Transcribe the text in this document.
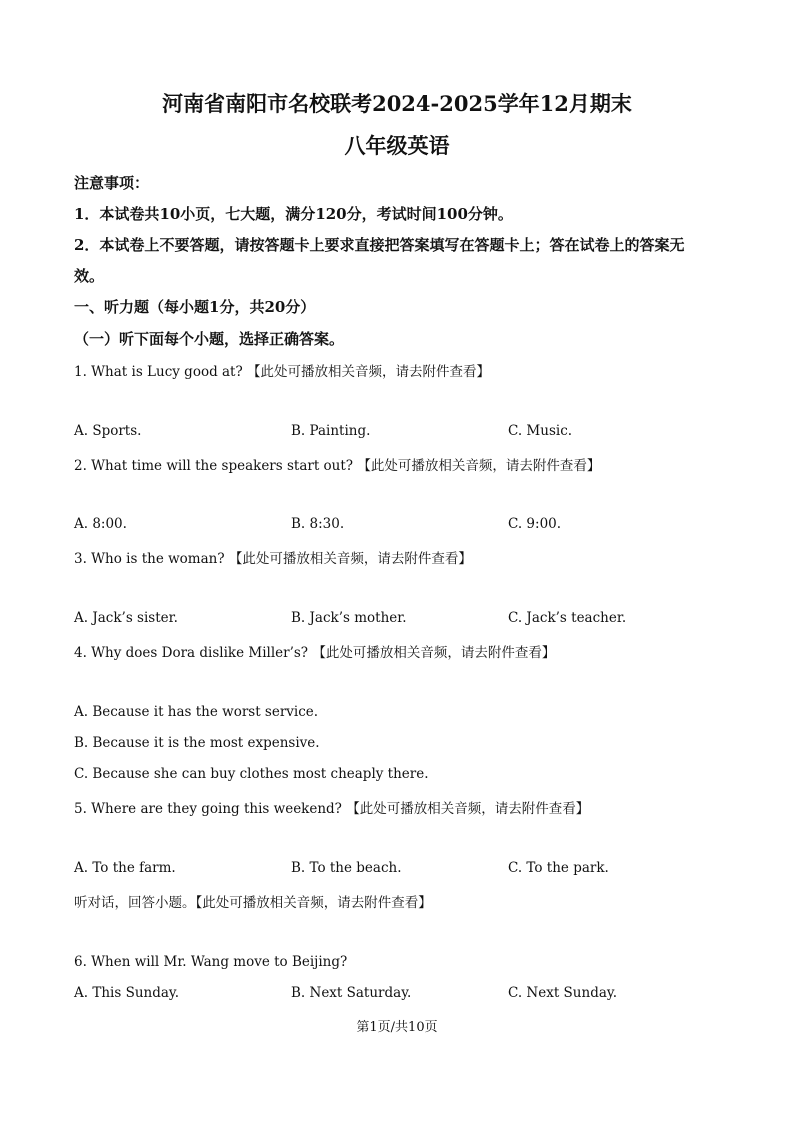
河南省南阳市名校联考2024-2025学年12月期末
八年级英语
注意事项：
1．本试卷共10小页，七大题，满分120分，考试时间100分钟。
2．本试卷上不要答题，请按答题卡上要求直接把答案填写在答题卡上；答在试卷上的答案无
效。
一、听力题（每小题1分，共20分）
（一）听下面每个小题，选择正确答案。
1. What is Lucy good at? 【此处可播放相关音频，请去附件查看】
A. Sports.	B. Painting.	C. Music.
2. What time will the speakers start out? 【此处可播放相关音频，请去附件查看】
A. 8:00.	B. 8:30.	C. 9:00.
3. Who is the woman? 【此处可播放相关音频，请去附件查看】
A. Jack’s sister.	B. Jack’s mother.	C. Jack’s teacher.
4. Why does Dora dislike Miller’s? 【此处可播放相关音频，请去附件查看】
A. Because it has the worst service.
B. Because it is the most expensive.
C. Because she can buy clothes most cheaply there.
5. Where are they going this weekend? 【此处可播放相关音频，请去附件查看】
A. To the farm.	B. To the beach.	C. To the park.
听对话，回答小题。【此处可播放相关音频，请去附件查看】
6. When will Mr. Wang move to Beijing?
A. This Sunday.	B. Next Saturday.	C. Next Sunday.
第1页/共10页
